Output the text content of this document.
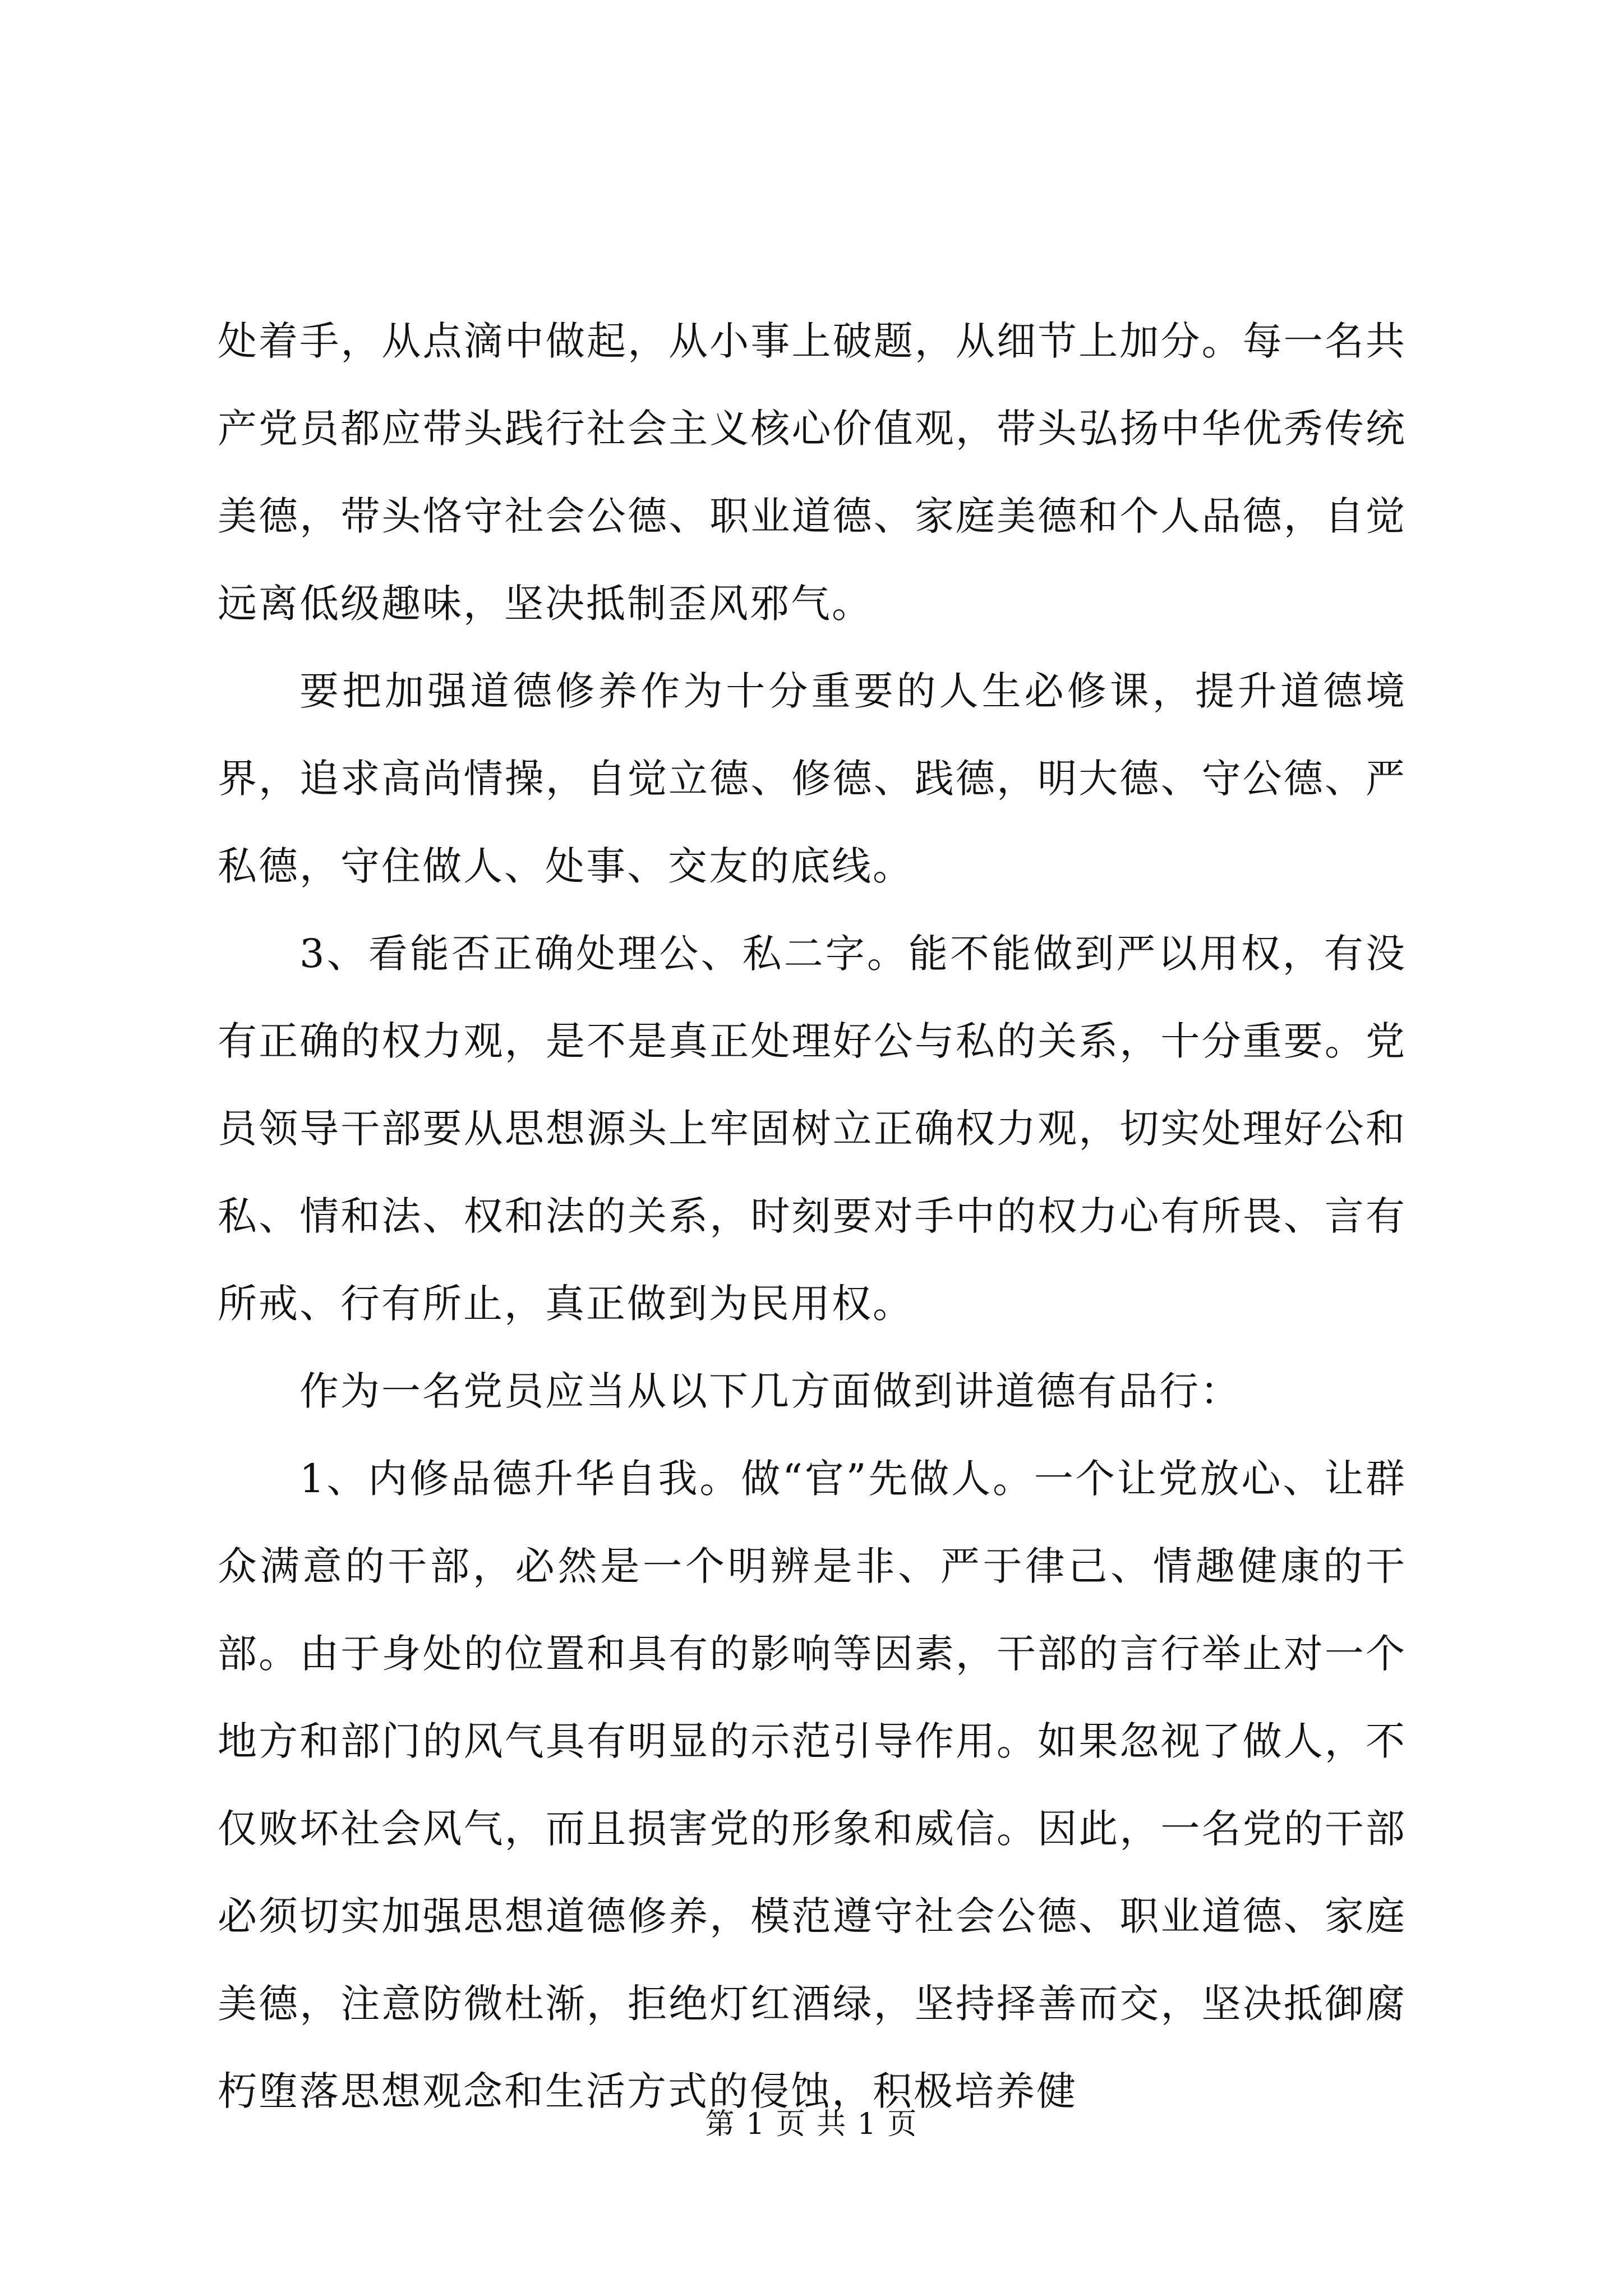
处着手，从点滴中做起，从小事上破题，从细节上加分。每一名共产党员都应带头践行社会主义核心价值观，带头弘扬中华优秀传统美德，带头恪守社会公德、职业道德、家庭美德和个人品德，自觉远离低级趣味，坚决抵制歪风邪气。

要把加强道德修养作为十分重要的人生必修课，提升道德境界，追求高尚情操，自觉立德、修德、践德，明大德、守公德、严私德，守住做人、处事、交友的底线。

3、看能否正确处理公、私二字。能不能做到严以用权，有没有正确的权力观，是不是真正处理好公与私的关系，十分重要。党员领导干部要从思想源头上牢固树立正确权力观，切实处理好公和私、情和法、权和法的关系，时刻要对手中的权力心有所畏、言有所戒、行有所止，真正做到为民用权。

作为一名党员应当从以下几方面做到讲道德有品行：

1、内修品德升华自我。做“官”先做人。一个让党放心、让群众满意的干部，必然是一个明辨是非、严于律己、情趣健康的干部。由于身处的位置和具有的影响等因素，干部的言行举止对一个地方和部门的风气具有明显的示范引导作用。如果忽视了做人，不仅败坏社会风气，而且损害党的形象和威信。因此，一名党的干部必须切实加强思想道德修养，模范遵守社会公德、职业道德、家庭美德，注意防微杜渐，拒绝灯红酒绿，坚持择善而交，坚决抵御腐朽堕落思想观念和生活方式的侵蚀，积极培养健

第 1 页 共 1 页
